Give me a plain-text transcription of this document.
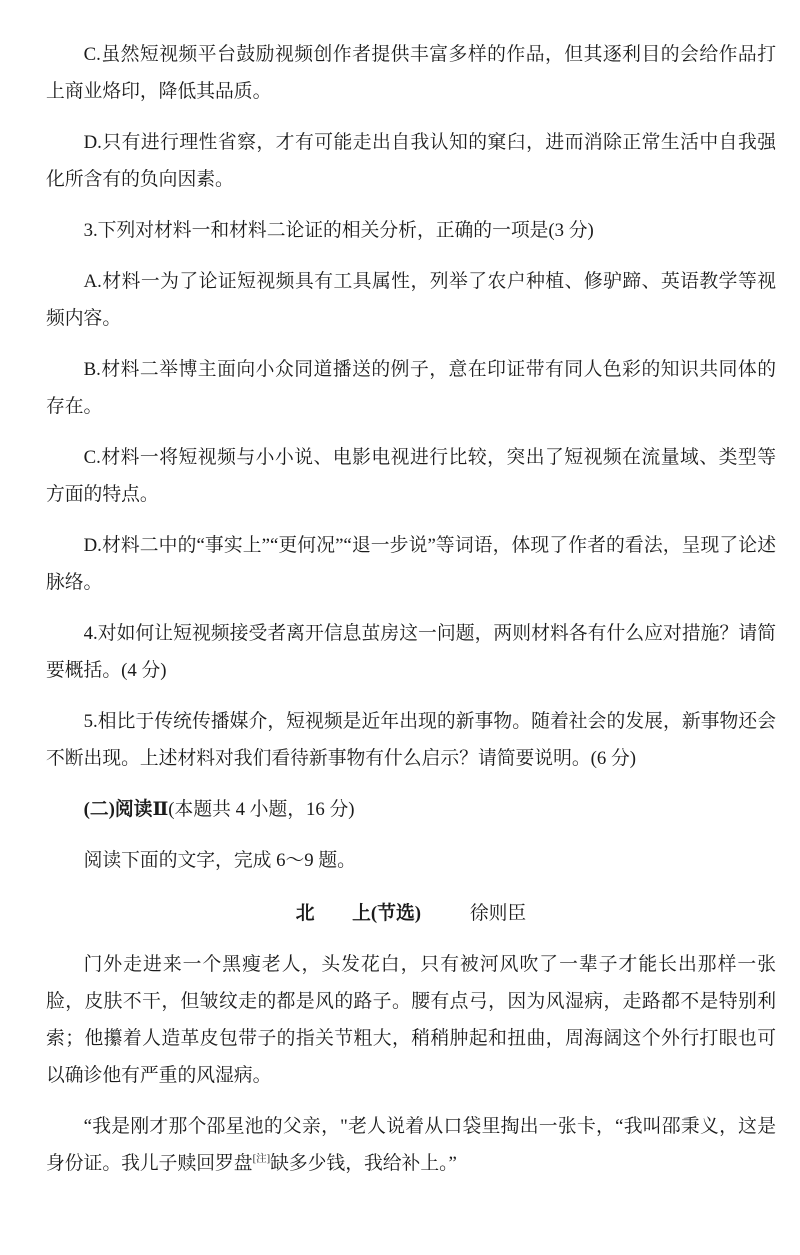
C.虽然短视频平台鼓励视频创作者提供丰富多样的作品，但其逐利目的会给作品打上商业烙印，降低其品质。

D.只有进行理性省察，才有可能走出自我认知的窠臼，进而消除正常生活中自我强化所含有的负向因素。

3.下列对材料一和材料二论证的相关分析，正确的一项是(3 分)

A.材料一为了论证短视频具有工具属性，列举了农户种植、修驴蹄、英语教学等视频内容。

B.材料二举博主面向小众同道播送的例子，意在印证带有同人色彩的知识共同体的存在。

C.材料一将短视频与小小说、电影电视进行比较，突出了短视频在流量域、类型等方面的特点。

D.材料二中的“事实上”“更何况”“退一步说”等词语，体现了作者的看法，呈现了论述脉络。

4.对如何让短视频接受者离开信息茧房这一问题，两则材料各有什么应对措施？请简要概括。(4 分)

5.相比于传统传播媒介，短视频是近年出现的新事物。随着社会的发展，新事物还会不断出现。上述材料对我们看待新事物有什么启示？请简要说明。(6 分)

(二)阅读Ⅱ(本题共 4 小题，16 分)

阅读下面的文字，完成 6～9 题。

北　　上(节选)	徐则臣

门外走进来一个黑瘦老人，头发花白，只有被河风吹了一辈子才能长出那样一张脸，皮肤不干，但皱纹走的都是风的路子。腰有点弓，因为风湿病，走路都不是特别利索；他攥着人造革皮包带子的指关节粗大，稍稍肿起和扭曲，周海阔这个外行打眼也可以确诊他有严重的风湿病。

“我是刚才那个邵星池的父亲，"老人说着从口袋里掏出一张卡，“我叫邵秉义，这是身份证。我儿子赎回罗盘[注]缺多少钱，我给补上。”
